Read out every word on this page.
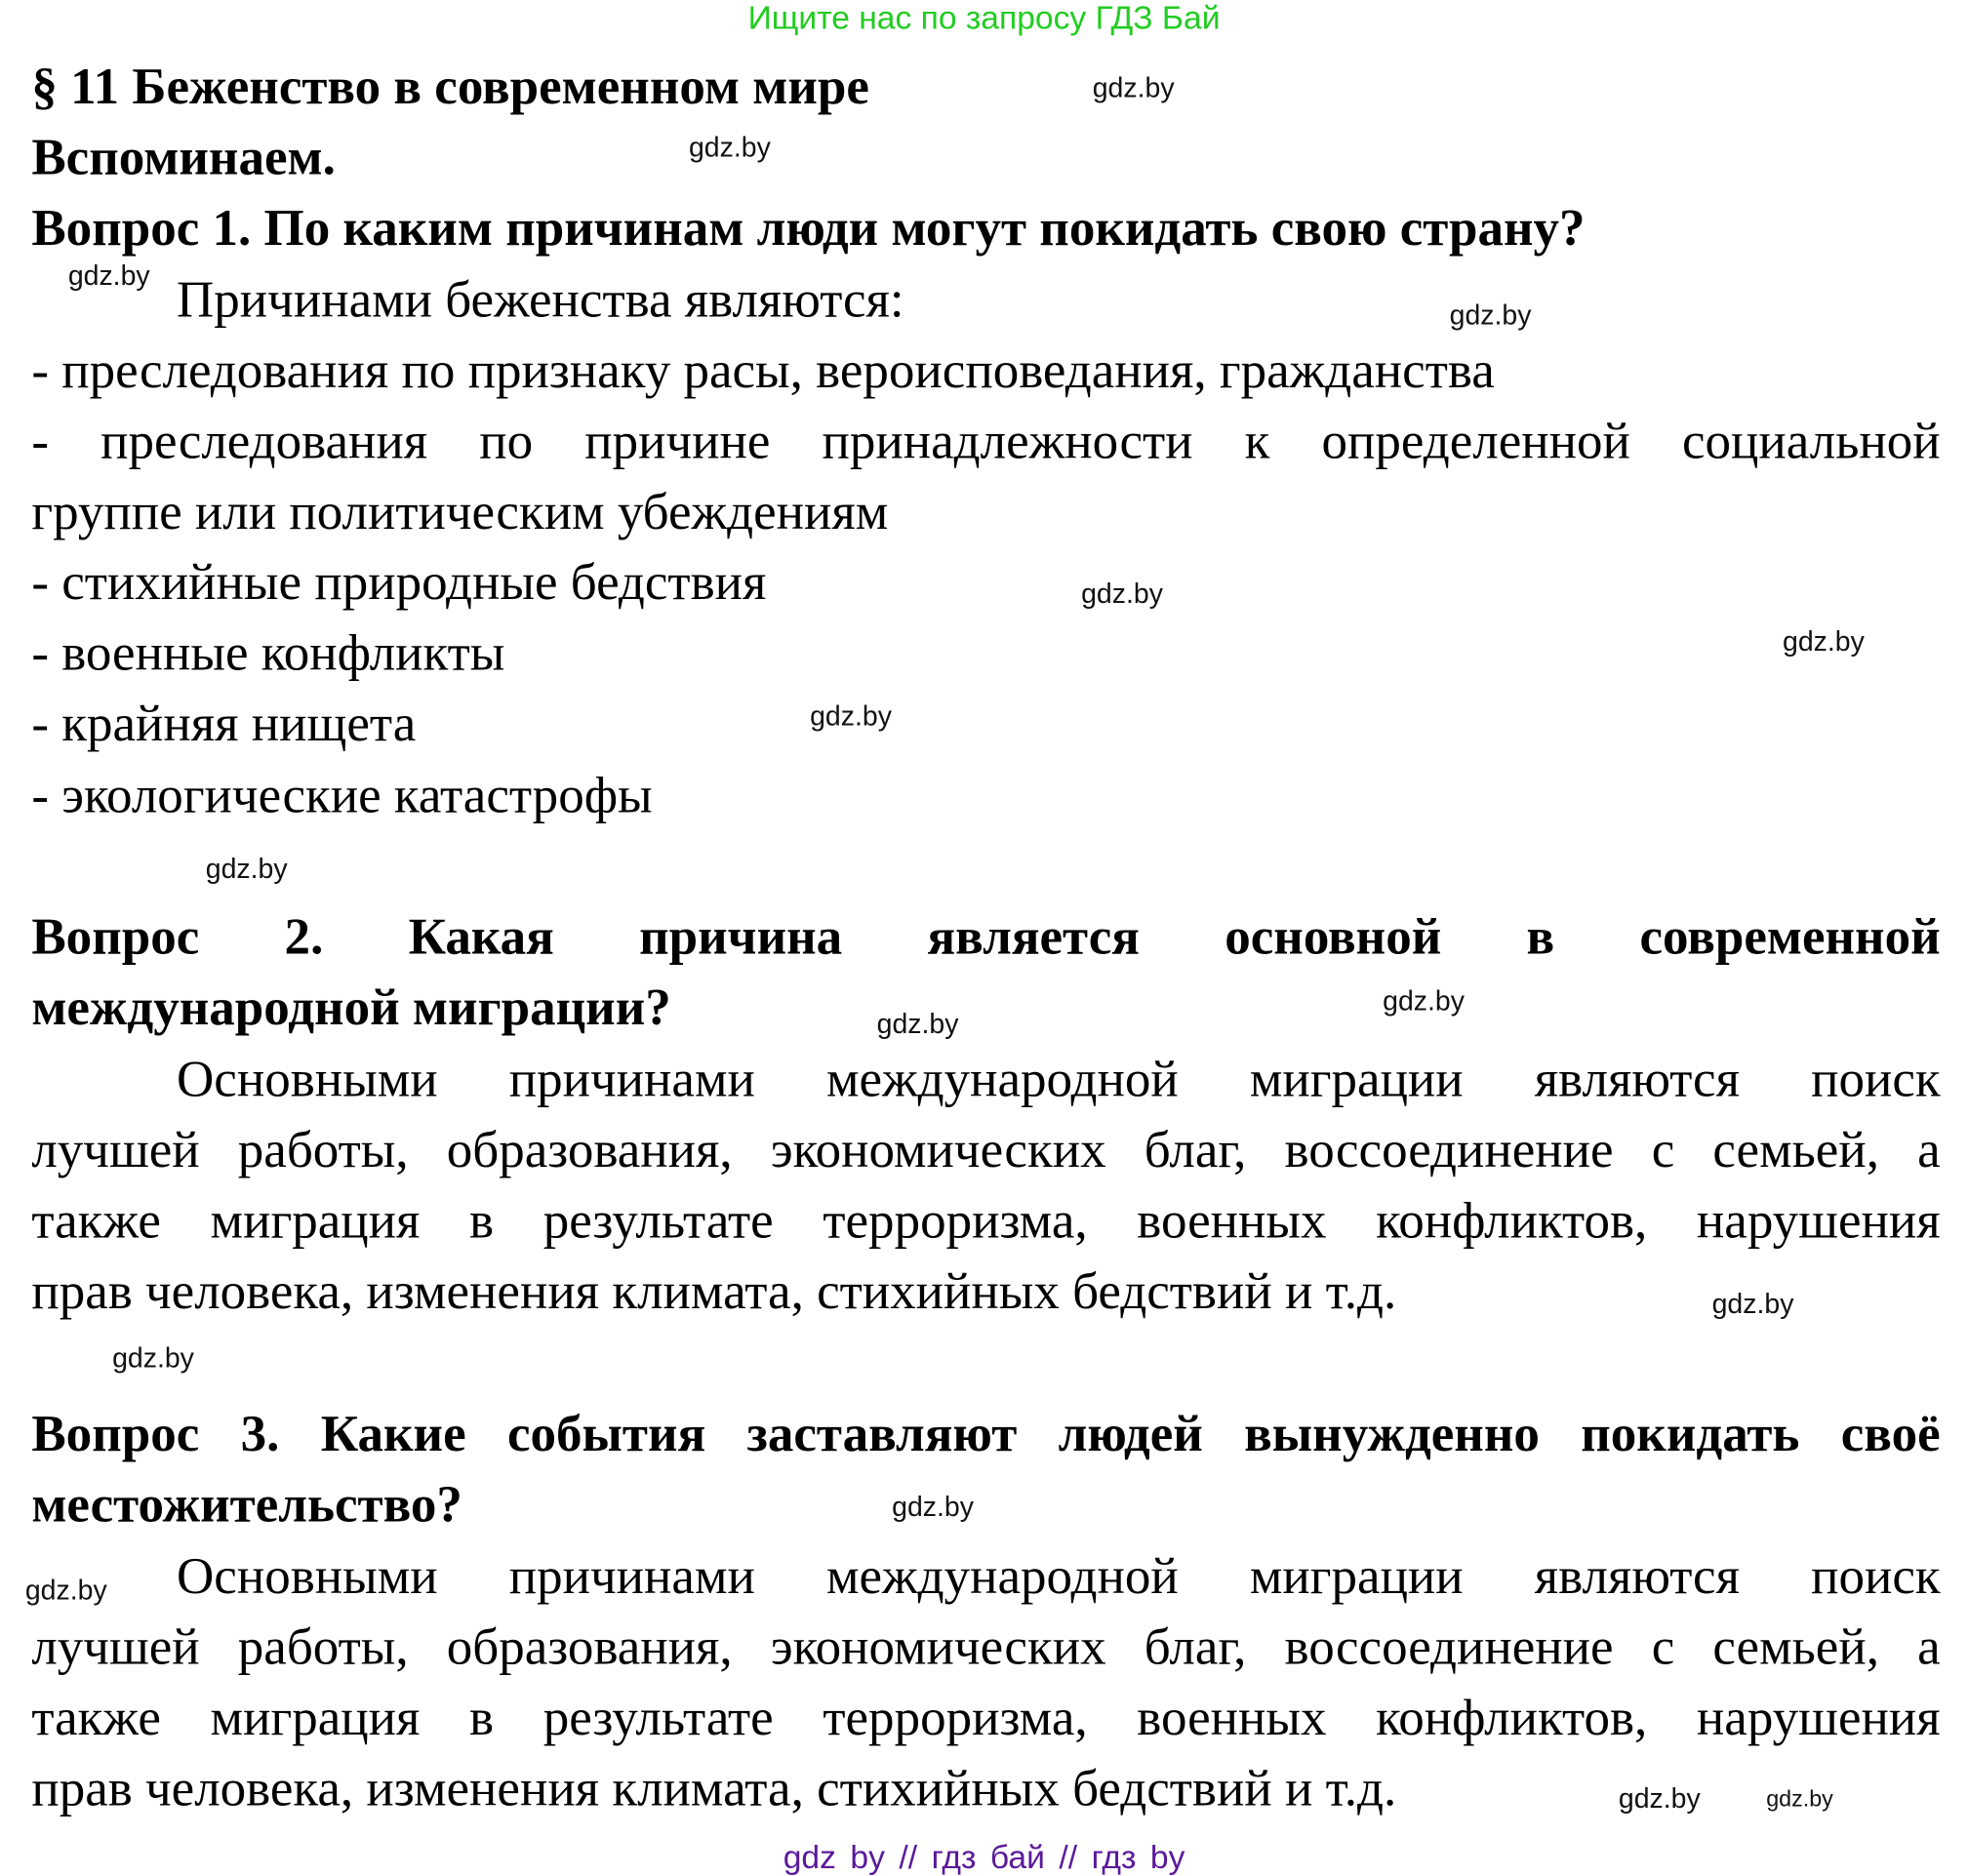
Ищите нас по запросу ГДЗ Бай
§ 11 Беженство в современном мире
Вспоминаем.
Вопрос 1. По каким причинам люди могут покидать свою страну?
Причинами беженства являются:
- преследования по признаку расы, вероисповедания, гражданства
- преследования по причине принадлежности к определенной социальной
группе или политическим убеждениям
- стихийные природные бедствия
- военные конфликты
- крайняя нищета
- экологические катастрофы
Вопрос 2. Какая причина является основной в современной
международной миграции?
Основными причинами международной миграции являются поиск
лучшей работы, образования, экономических благ, воссоединение с семьей, а
также миграция в результате терроризма, военных конфликтов, нарушения
прав человека, изменения климата, стихийных бедствий и т.д.
Вопрос 3. Какие события заставляют людей вынужденно покидать своё
местожительство?
Основными причинами международной миграции являются поиск
лучшей работы, образования, экономических благ, воссоединение с семьей, а
также миграция в результате терроризма, военных конфликтов, нарушения
прав человека, изменения климата, стихийных бедствий и т.д.
gdz.by
gdz.by
gdz.by
gdz.by
gdz.by
gdz.by
gdz.by
gdz.by
gdz.by
gdz.by
gdz.by
gdz.by
gdz.by
gdz.by
gdz.by
gdz.by
gdz by // гдз бай // гдз by
